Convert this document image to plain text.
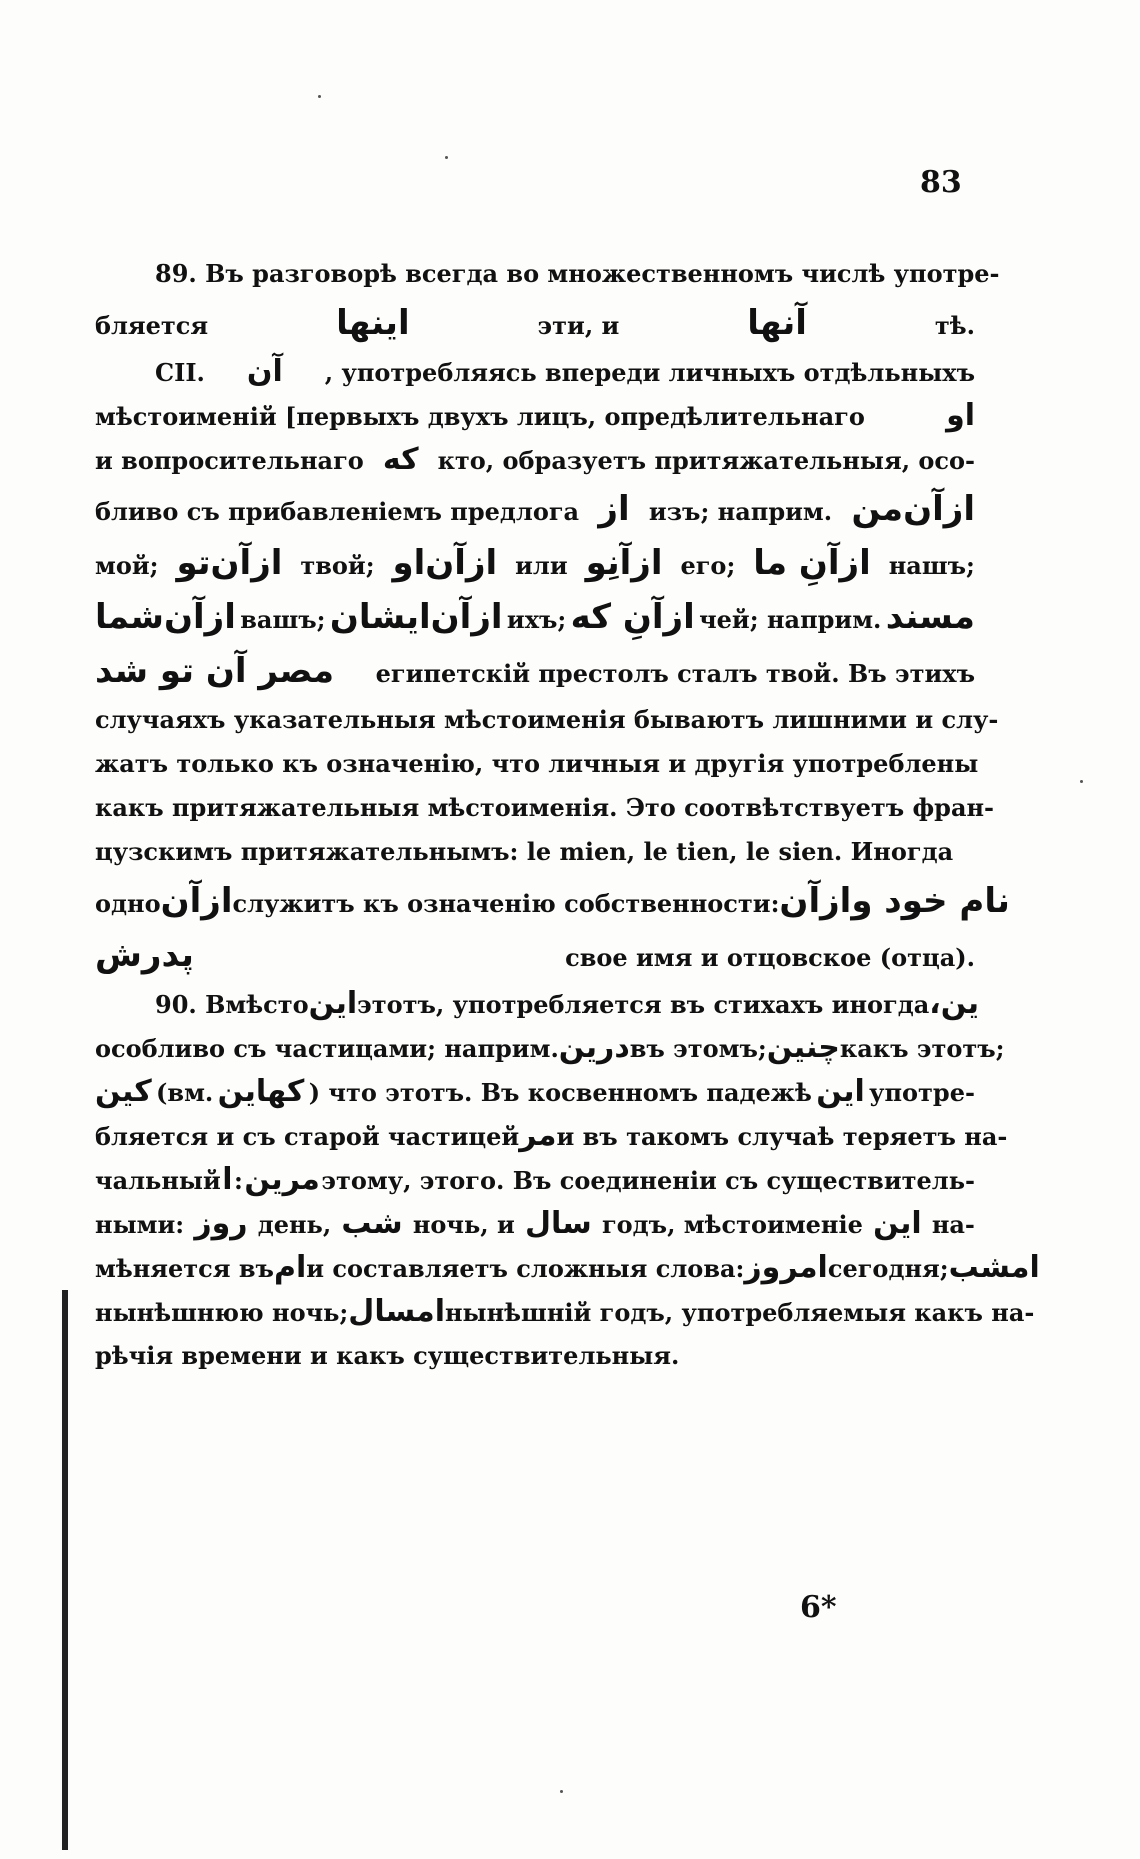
83
89. Въ разговорѣ всегда во множественномъ числѣ употре-
бляется	اینها	эти, и	آنها	тѣ.
CII. آن , употребляясь впереди личныхъ отдѣльныхъ
мѣстоименій [первыхъ двухъ лицъ, опредѣлительнаго	او
и вопросительнаго که кто, образуетъ притяжательныя, осо-
бливо съ прибавленіемъ предлога از изъ; наприм. ازآن‌من
мой; ازآن‌تو твой; ازآن‌او или ازآنِو его; ازآنِ ما нашъ;
ازآن‌شما вашъ; ازآن‌ایشان ихъ; ازآنِ که чей; наприм. مسند
مصر آن تو شد египетскій престолъ сталъ твой. Въ этихъ
случаяхъ указательныя мѣстоименія бываютъ лишними и слу-
жатъ только къ означенію, что личныя и другія употреблены
какъ притяжательныя мѣстоименія. Это соотвѣтствуетъ фран-
цузскимъ притяжательнымъ: le mien, le tien, le sien. Иногда
одно ازآن служитъ къ означенію собственности: نام خود وازآن
پدرش	свое имя и отцовское (отца).
90. Вмѣсто این этотъ, употребляется въ стихахъ иногда ین،
особливо съ частицами; наприм. درین въ этомъ; چنین какъ этотъ;
کین (вм. کهاین ) что этотъ. Въ косвенномъ падежѣ این употре-
бляется и съ старой частицей مر и въ такомъ случаѣ теряетъ на-
чальный ا : مرین этому, этого. Въ соединеніи съ существитель-
ными: روز день, شب ночь, и سال годъ, мѣстоименіе این на-
мѣняется въ ام и составляетъ сложныя слова: امروز сегодня; امشب
нынѣшнюю ночь; امسال нынѣшній годъ, употребляемыя какъ на-
рѣчія времени и какъ существительныя.
6*
